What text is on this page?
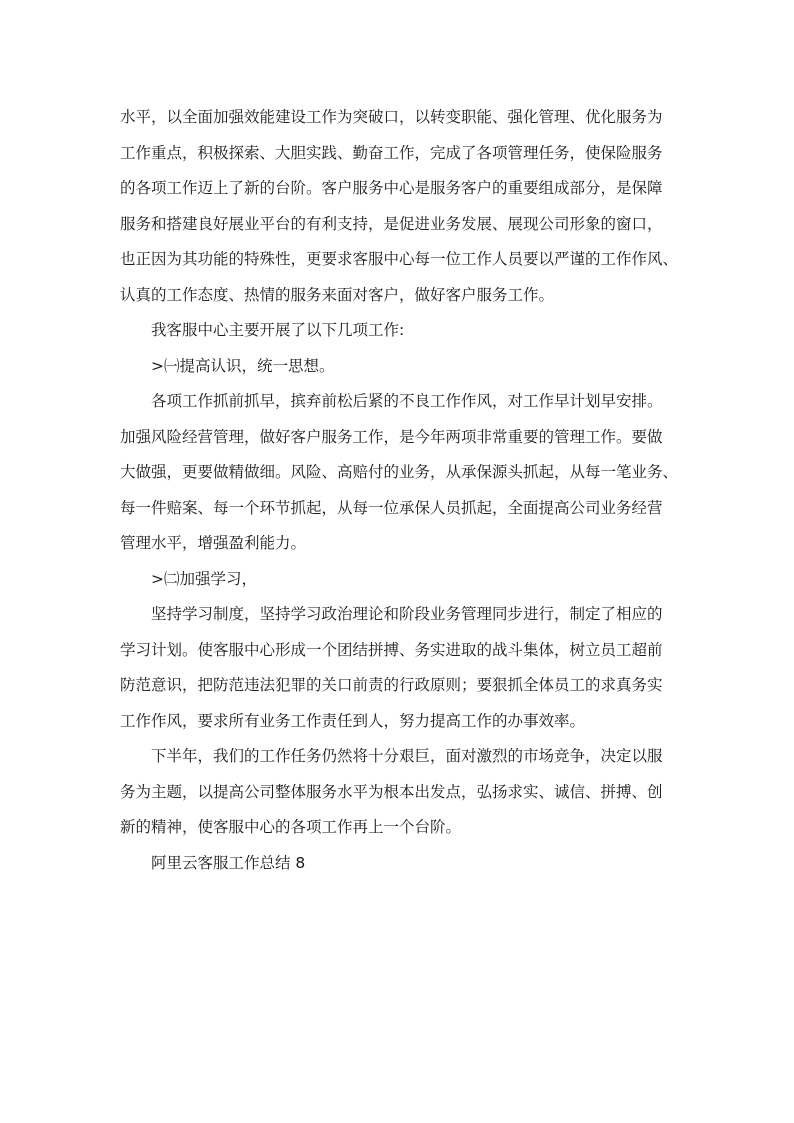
水平，以全面加强效能建设工作为突破口，以转变职能、强化管理、优化服务为
工作重点，积极探索、大胆实践、勤奋工作，完成了各项管理任务，使保险服务
的各项工作迈上了新的台阶。客户服务中心是服务客户的重要组成部分，是保障
服务和搭建良好展业平台的有利支持，是促进业务发展、展现公司形象的窗口，
也正因为其功能的特殊性，更要求客服中心每一位工作人员要以严谨的工作作风、
认真的工作态度、热情的服务来面对客户，做好客户服务工作。
我客服中心主要开展了以下几项工作:
>㈠提高认识，统一思想。
各项工作抓前抓早，摈弃前松后紧的不良工作作风，对工作早计划早安排。
加强风险经营管理，做好客户服务工作，是今年两项非常重要的管理工作。要做
大做强，更要做精做细。风险、高赔付的业务，从承保源头抓起，从每一笔业务、
每一件赔案、每一个环节抓起，从每一位承保人员抓起，全面提高公司业务经营
管理水平，增强盈利能力。
>㈡加强学习，
坚持学习制度，坚持学习政治理论和阶段业务管理同步进行，制定了相应的
学习计划。使客服中心形成一个团结拼搏、务实进取的战斗集体，树立员工超前
防范意识，把防范违法犯罪的关口前责的行政原则；要狠抓全体员工的求真务实
工作作风，要求所有业务工作责任到人，努力提高工作的办事效率。
下半年，我们的工作任务仍然将十分艰巨，面对激烈的市场竞争，决定以服
务为主题，以提高公司整体服务水平为根本出发点，弘扬求实、诚信、拼搏、创
新的精神，使客服中心的各项工作再上一个台阶。
阿里云客服工作总结 8
